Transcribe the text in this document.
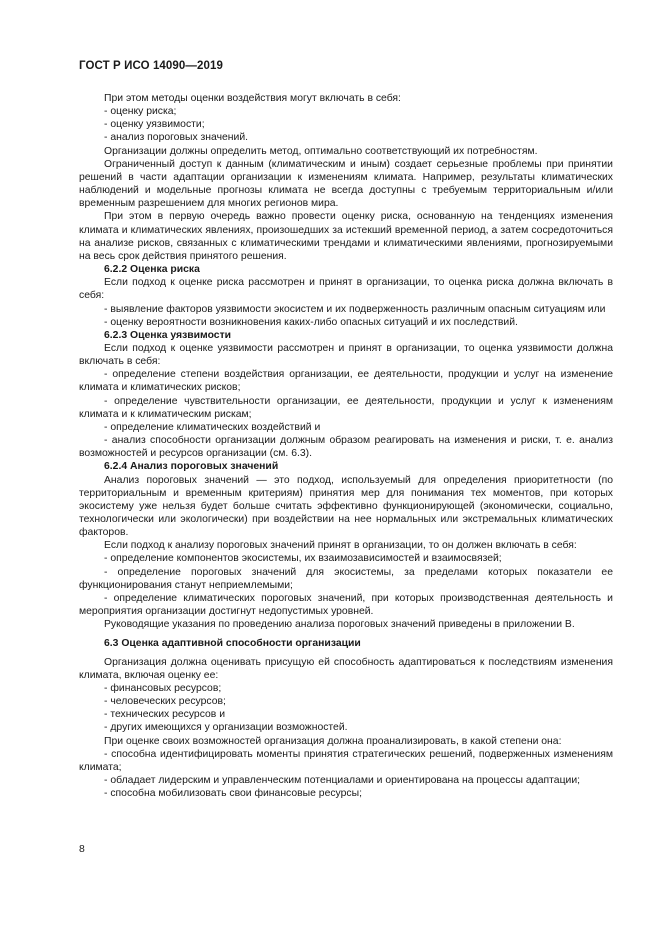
ГОСТ Р ИСО 14090—2019

При этом методы оценки воздействия могут включать в себя:

- оценку риска;

- оценку уязвимости;

- анализ пороговых значений.

Организации должны определить метод, оптимально соответствующий их потребностям.

Ограниченный доступ к данным (климатическим и иным) создает серьезные проблемы при принятии решений в части адаптации организации к изменениям климата. Например, результаты климатических наблюдений и модельные прогнозы климата не всегда доступны с требуемым территориальным и/или временным разрешением для многих регионов мира.

При этом в первую очередь важно провести оценку риска, основанную на тенденциях изменения климата и климатических явлениях, произошедших за истекший временной период, а затем сосредоточиться на анализе рисков, связанных с климатическими трендами и климатическими явлениями, прогнозируемыми на весь срок действия принятого решения.

6.2.2 Оценка риска

Если подход к оценке риска рассмотрен и принят в организации, то оценка риска должна включать в себя:

- выявление факторов уязвимости экосистем и их подверженность различным опасным ситуациям или

- оценку вероятности возникновения каких-либо опасных ситуаций и их последствий.

6.2.3 Оценка уязвимости

Если подход к оценке уязвимости рассмотрен и принят в организации, то оценка уязвимости должна включать в себя:

- определение степени воздействия организации, ее деятельности, продукции и услуг на изменение климата и климатических рисков;

- определение чувствительности организации, ее деятельности, продукции и услуг к изменениям климата и к климатическим рискам;

- определение климатических воздействий и

- анализ способности организации должным образом реагировать на изменения и риски, т. е. анализ возможностей и ресурсов организации (см. 6.3).

6.2.4 Анализ пороговых значений

Анализ пороговых значений — это подход, используемый для определения приоритетности (по территориальным и временным критериям) принятия мер для понимания тех моментов, при которых экосистему уже нельзя будет больше считать эффективно функционирующей (экономически, социально, технологически или экологически) при воздействии на нее нормальных или экстремальных климатических факторов.

Если подход к анализу пороговых значений принят в организации, то он должен включать в себя:

- определение компонентов экосистемы, их взаимозависимостей и взаимосвязей;

- определение пороговых значений для экосистемы, за пределами которых показатели ее функционирования станут неприемлемыми;

- определение климатических пороговых значений, при которых производственная деятельность и мероприятия организации достигнут недопустимых уровней.

Руководящие указания по проведению анализа пороговых значений приведены в приложении В.

6.3 Оценка адаптивной способности организации

Организация должна оценивать присущую ей способность адаптироваться к последствиям изменения климата, включая оценку ее:

- финансовых ресурсов;

- человеческих ресурсов;

- технических ресурсов и

- других имеющихся у организации возможностей.

При оценке своих возможностей организация должна проанализировать, в какой степени она:

- способна идентифицировать моменты принятия стратегических решений, подверженных изменениям климата;

- обладает лидерским и управленческим потенциалами и ориентирована на процессы адаптации;

- способна мобилизовать свои финансовые ресурсы;

8
